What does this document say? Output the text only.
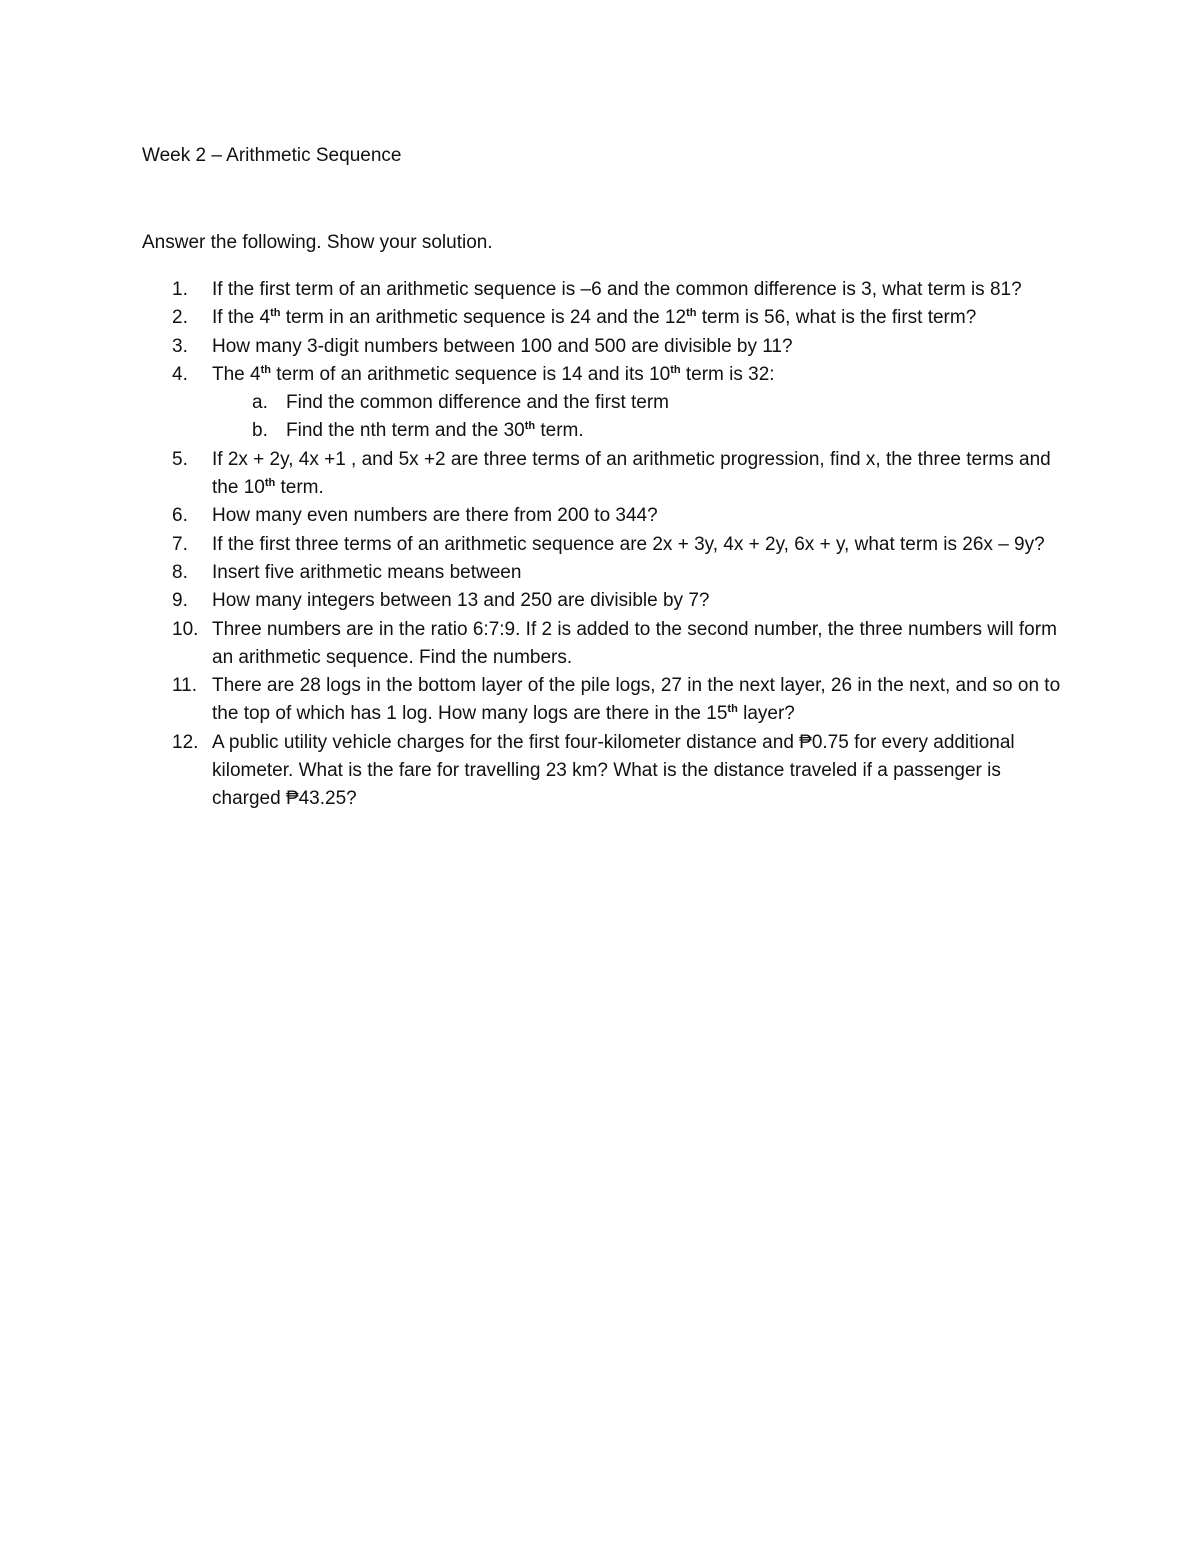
Week 2 – Arithmetic Sequence
Answer the following. Show your solution.
1. If the first term of an arithmetic sequence is –6 and the common difference is 3, what term is 81?
2. If the 4th term in an arithmetic sequence is 24 and the 12th term is 56, what is the first term?
3. How many 3-digit numbers between 100 and 500 are divisible by 11?
4. The 4th term of an arithmetic sequence is 14 and its 10th term is 32:
a. Find the common difference and the first term
b. Find the nth term and the 30th term.
5. If 2x + 2y, 4x +1 , and 5x +2 are three terms of an arithmetic progression, find x, the three terms and the 10th term.
6. How many even numbers are there from 200 to 344?
7. If the first three terms of an arithmetic sequence are 2x + 3y, 4x + 2y, 6x + y, what term is 26x – 9y?
8. Insert five arithmetic means between
9. How many integers between 13 and 250 are divisible by 7?
10. Three numbers are in the ratio 6:7:9. If 2 is added to the second number, the three numbers will form an arithmetic sequence. Find the numbers.
11. There are 28 logs in the bottom layer of the pile logs, 27 in the next layer, 26 in the next, and so on to the top of which has 1 log. How many logs are there in the 15th layer?
12. A public utility vehicle charges for the first four-kilometer distance and ₱0.75 for every additional kilometer. What is the fare for travelling 23 km? What is the distance traveled if a passenger is charged ₱43.25?
